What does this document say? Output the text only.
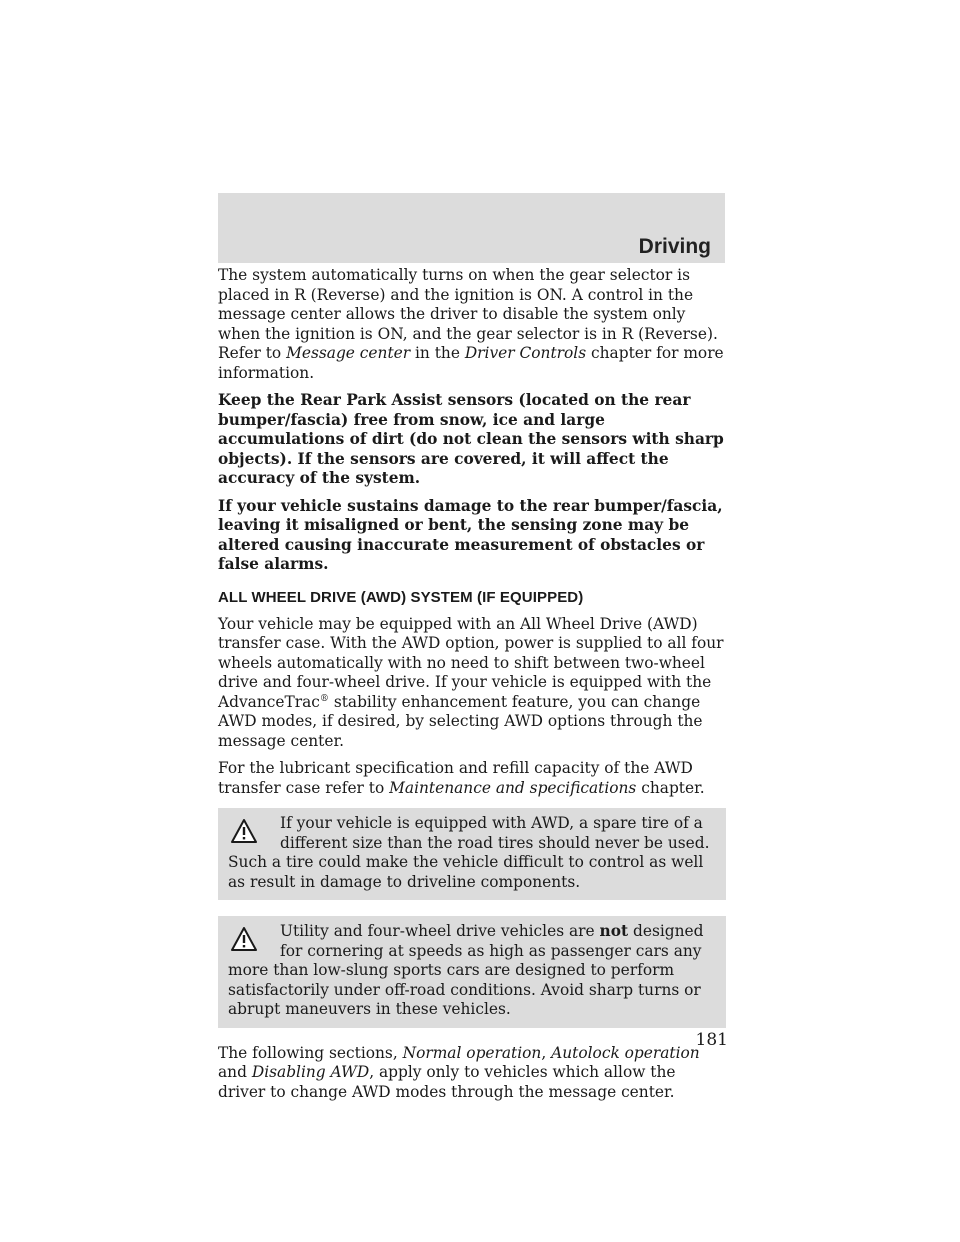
Driving

The system automatically turns on when the gear selector is placed in R (Reverse) and the ignition is ON. A control in the message center allows the driver to disable the system only when the ignition is ON, and the gear selector is in R (Reverse). Refer to Message center in the Driver Controls chapter for more information.

Keep the Rear Park Assist sensors (located on the rear bumper/fascia) free from snow, ice and large accumulations of dirt (do not clean the sensors with sharp objects). If the sensors are covered, it will affect the accuracy of the system.

If your vehicle sustains damage to the rear bumper/fascia, leaving it misaligned or bent, the sensing zone may be altered causing inaccurate measurement of obstacles or false alarms.

ALL WHEEL DRIVE (AWD) SYSTEM (IF EQUIPPED)

Your vehicle may be equipped with an All Wheel Drive (AWD) transfer case. With the AWD option, power is supplied to all four wheels automatically with no need to shift between two-wheel drive and four-wheel drive. If your vehicle is equipped with the AdvanceTrac® stability enhancement feature, you can change AWD modes, if desired, by selecting AWD options through the message center.

For the lubricant specification and refill capacity of the AWD transfer case refer to Maintenance and specifications chapter.

If your vehicle is equipped with AWD, a spare tire of a different size than the road tires should never be used. Such a tire could make the vehicle difficult to control as well as result in damage to driveline components.

Utility and four-wheel drive vehicles are not designed for cornering at speeds as high as passenger cars any more than low-slung sports cars are designed to perform satisfactorily under off-road conditions. Avoid sharp turns or abrupt maneuvers in these vehicles.

The following sections, Normal operation, Autolock operation and Disabling AWD, apply only to vehicles which allow the driver to change AWD modes through the message center.

181
